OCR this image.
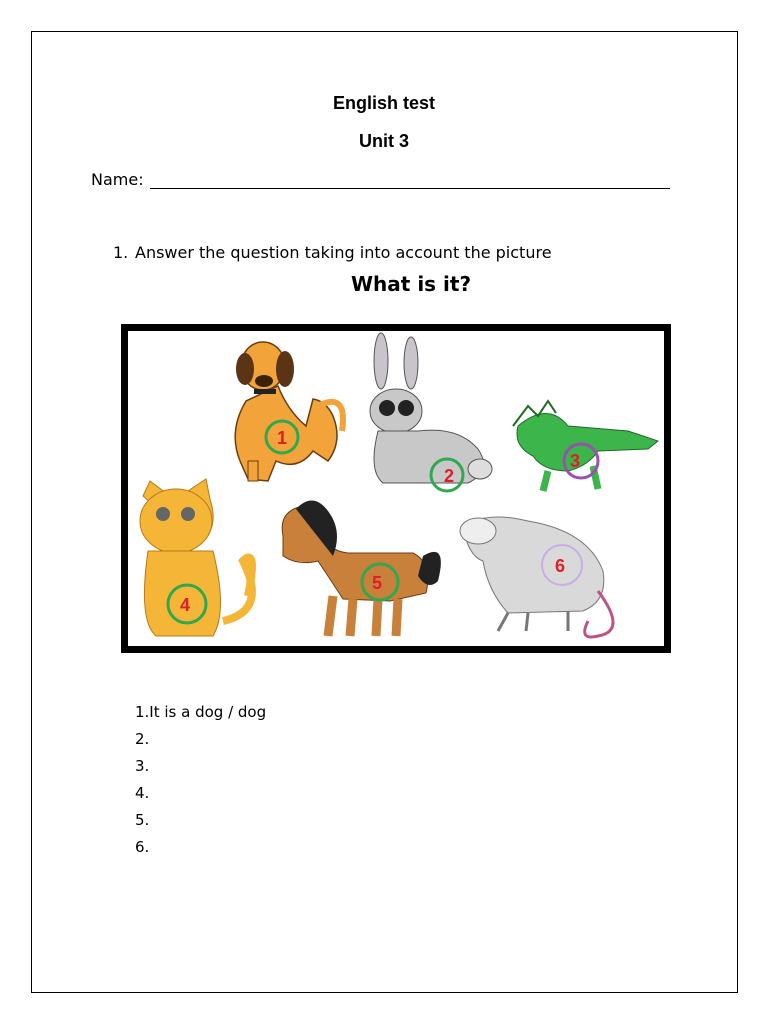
English test
Unit 3
Name:
1. Answer the question taking into account the picture
What is it?
1
2
3
4
5
6
1.It is a dog / dog
2.
3.
4.
5.
6.
